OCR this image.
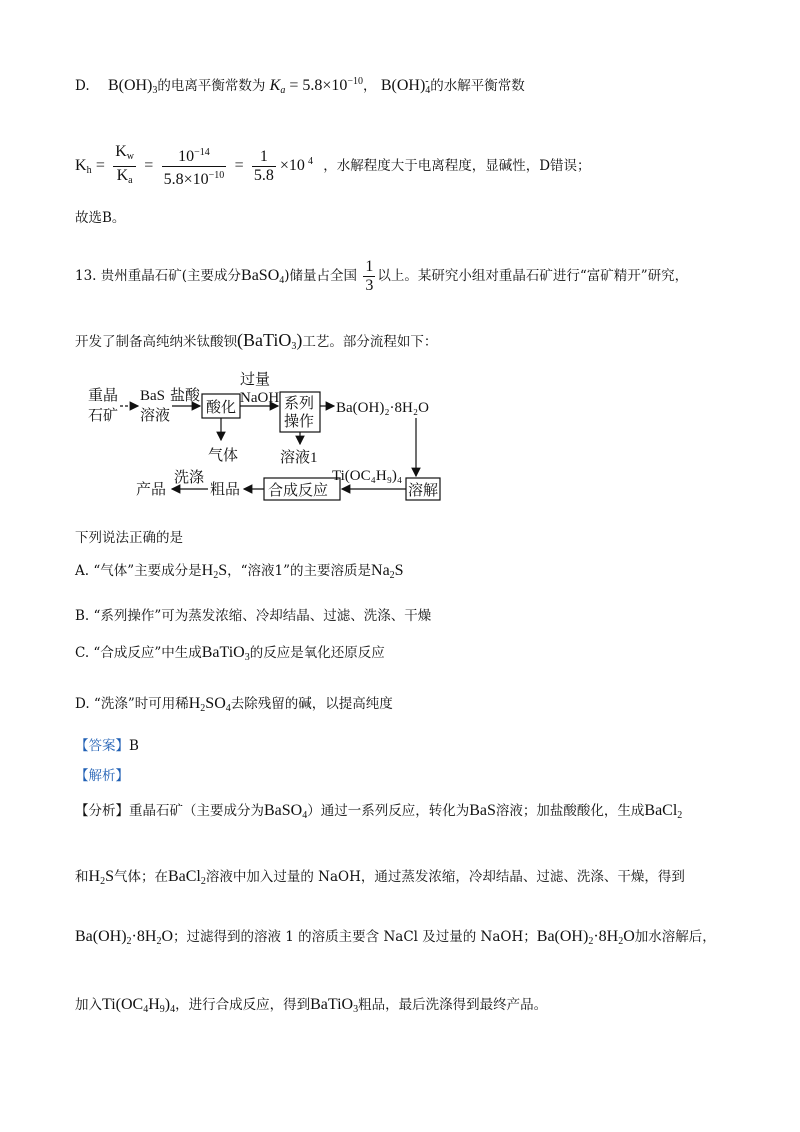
D. $B(OH)_3$的电离平衡常数为 $K_a = 5.8\times 10^{-10}$， B(OH) -
4 的水解平衡常数
$K_h = \frac{K_w}{K_a} = \frac{10^{-14}}{5.8\times 10^{-10}} = \frac{1}{5.8} \times 10$ $^4$ ，水解程度大于电离程度，显碱性，D错误；
故选B。
13. 贵州重晶石矿(主要成分BaSO$_4$)储量占全国 $\frac{1}{3}$ 以上。某研究小组对重晶石矿进行“富矿精开”研究，
开发了制备高纯纳米钛酸钡(BaTiO$_3$)工艺。部分流程如下：
重晶
石矿
BaS
溶液
盐酸
酸化
气体
过量
NaOH 系列
操作
溶液1
Ba(OH)₂·8H₂O
溶解
Ti(OC₄H₉)₄
合成反应
粗品
洗涤
产品
下列说法正确的是
A. “气体”主要成分是$H_2S$，“溶液1”的主要溶质是$Na_2S$
B. “系列操作”可为蒸发浓缩、冷却结晶、过滤、洗涤、干燥
C. “合成反应”中生成BaTiO$_3$的反应是氧化还原反应
D. “洗涤”时可用稀$H_2SO_4$去除残留的碱，以提高纯度
【答案】B
【解析】
【分析】重晶石矿（主要成分为BaSO$_4$）通过一系列反应，转化为BaS溶液；加盐酸酸化，生成BaCl$_2$
和$H_2S$气体；在BaCl$_2$溶液中加入过量的 NaOH，通过蒸发浓缩，冷却结晶、过滤、洗涤、干燥，得到
$Ba(OH)_2\cdot 8H_2O$；过滤得到的溶液 1 的溶质主要含 NaCl 及过量的 NaOH；$Ba(OH)_2\cdot 8H_2O$加水溶解后，
加入$Ti(OC_4H_9)_4$，进行合成反应，得到BaTiO$_3$粗品，最后洗涤得到最终产品。
